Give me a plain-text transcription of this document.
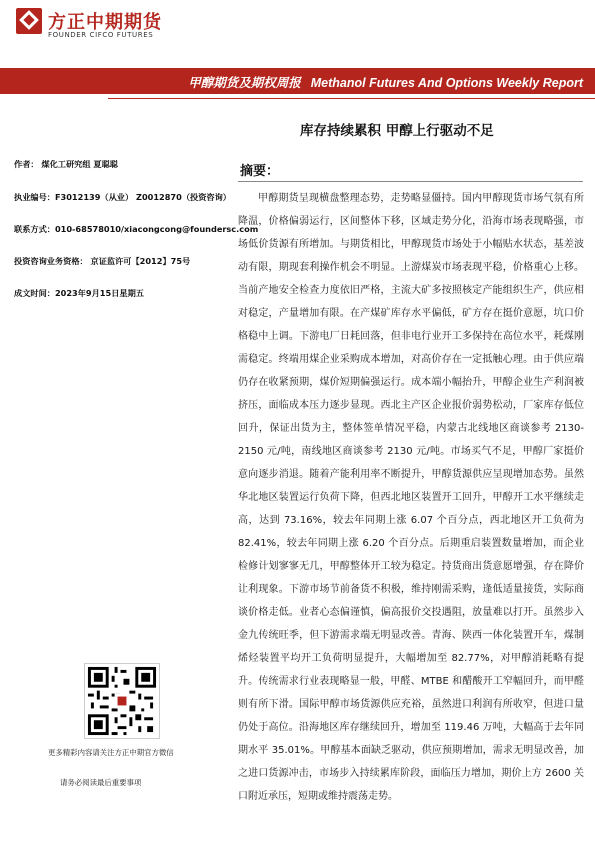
方正中期期货
FOUNDER CIFCO FUTURES
甲醇期货及期权周报 Methanol Futures And Options Weekly Report
库存持续累积 甲醇上行驱动不足
作者： 煤化工研究组 夏聪聪
执业编号：F3012139（从业） Z0012870（投资咨询）
联系方式：010-68578010/xiacongcong@foundersc.com
投资咨询业务资格： 京证监许可【2012】75号
成文时间：2023年9月15日星期五
更多精彩内容请关注方正中期官方微信
请务必阅读最后重要事项
摘要：

甲醇期货呈现横盘整理态势，走势略显僵持。国内甲醇现货市场气氛有所降温，价格偏弱运行，区间整体下移，区域走势分化，沿海市场表现略强，市场低价货源有所增加。与期货相比，甲醇现货市场处于小幅贴水状态，基差波动有限，期现套利操作机会不明显。上游煤炭市场表现平稳，价格重心上移。当前产地安全检查力度依旧严格，主流大矿多按照核定产能组织生产，供应相对稳定，产量增加有限。在产煤矿库存水平偏低，矿方存在挺价意愿，坑口价格稳中上调。下游电厂日耗回落，但非电行业开工多保持在高位水平，耗煤刚需稳定。终端用煤企业采购成本增加，对高价存在一定抵触心理。由于供应端仍存在收紧预期，煤价短期偏强运行。成本端小幅抬升，甲醇企业生产利润被挤压，面临成本压力逐步显现。西北主产区企业报价弱势松动，厂家库存低位回升，保证出货为主，整体签单情况平稳，内蒙古北线地区商谈参考 2130-2150 元/吨，南线地区商谈参考 2130 元/吨。市场买气不足，甲醇厂家挺价意向逐步消退。随着产能利用率不断提升，甲醇货源供应呈现增加态势。虽然华北地区装置运行负荷下降，但西北地区装置开工回升，甲醇开工水平继续走高，达到 73.16%，较去年同期上涨 6.07 个百分点，西北地区开工负荷为 82.41%，较去年同期上涨 6.20 个百分点。后期重启装置数量增加，而企业检修计划寥寥无几，甲醇整体开工较为稳定。持货商出货意愿增强，存在降价让利现象。下游市场节前备货不积极，维持刚需采购，逢低适量接货，实际商谈价格走低。业者心态偏谨慎，偏高报价交投遇阻，放量难以打开。虽然步入金九传统旺季，但下游需求端无明显改善。青海、陕西一体化装置开车，煤制烯烃装置平均开工负荷明显提升，大幅增加至 82.77%，对甲醇消耗略有提升。传统需求行业表现略显一般，甲醛、MTBE 和醋酸开工窄幅回升，而甲醛则有所下滑。国际甲醇市场货源供应充裕，虽然进口利润有所收窄，但进口量仍处于高位。沿海地区库存继续回升，增加至 119.46 万吨，大幅高于去年同期水平 35.01%。甲醇基本面缺乏驱动，供应预期增加，需求无明显改善，加之进口货源冲击，市场步入持续累库阶段，面临压力增加，期价上方 2600 关口附近承压，短期或维持震荡走势。
